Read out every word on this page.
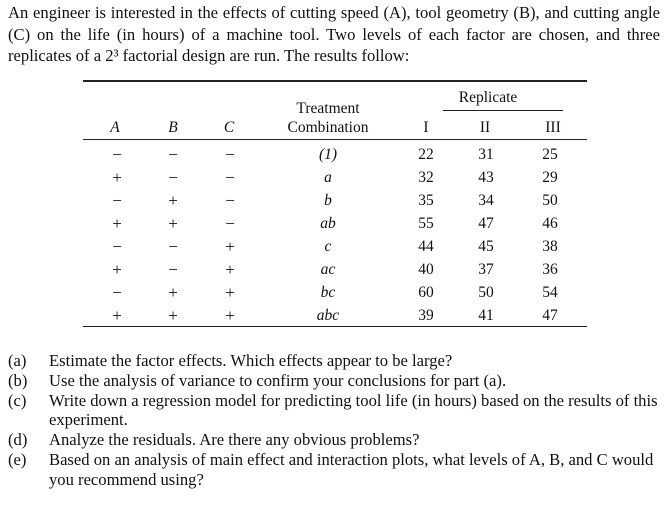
An engineer is interested in the effects of cutting speed (A), tool geometry (B), and cutting angle (C) on the life (in hours) of a machine tool. Two levels of each factor are chosen, and three replicates of a 2³ factorial design are run. The results follow:

A	B	C
Treatment
Combination
Replicate
I	II	III
−	−	−	(1)	22	31	25
+	−	−	a	32	43	29
−	+	−	b	35	34	50
+	+	−	ab	55	47	46
−	−	+	c	44	45	38
+	−	+	ac	40	37	36
−	+	+	bc	60	50	54
+	+	+	abc	39	41	47
(a)	Estimate the factor effects. Which effects appear to be large?
(b)	Use the analysis of variance to confirm your conclusions for part (a).
(c)	Write down a regression model for predicting tool life (in hours) based on the results of this experiment.
(d)	Analyze the residuals. Are there any obvious problems?
(e)	Based on an analysis of main effect and interaction plots, what levels of A, B, and C would you recommend using?
